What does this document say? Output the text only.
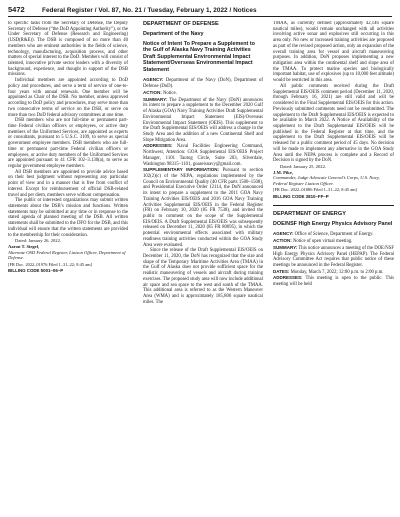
5472	Federal Register / Vol. 87, No. 21 / Tuesday, February 1, 2022 / Notices

to specific tasks from the Secretary of Defense, the Deputy Secretary of Defense (“the DoD Appointing Authority”), or the Under Secretary of Defense (Research and Engineering) (USD(R&E)). The DSB is composed of no more than 40 members who are eminent authorities in the fields of science, technology, manufacturing, acquisition process, and other matters of special interest to the DoD. Members will consist of talented, innovative private sector leaders with a diversity of background, experience, and thought in support of the DSB missions.

Individual members are appointed according to DoD policy and procedures, and serve a term of service of one-to-four years with annual renewals. One member will be appointed as Chair of the DSB. No member, unless approved according to DoD policy and procedures, may serve more than two consecutive terms of service on the DSB, or serve on more than two DoD federal advisory committees at one time.

DSB members who are not full-time or permanent part-time Federal civilian officers or employees, or active duty members of the Uniformed Services, are appointed as experts or consultants, pursuant to 5 U.S.C. 3109, to serve as special government employee members. DSB members who are full-time or permanent part-time Federal civilian officers or employees, or active duty members of the Uniformed Services are appointed pursuant to 41 CFR 102–3.130(a), to serve as regular government employee members.

All DSB members are appointed to provide advice based on their best judgment without representing any particular point of view and in a manner that is free from conflict of interest. Except for reimbursement of official DSB-related travel and per diem, members serve without compensation.

The public or interested organizations may submit written statements about the DSB’s mission and functions. Written statements may be submitted at any time or in response to the stated agenda of planned meeting of the DSB. All written statements shall be submitted to the DFO for the DSB, and this individual will ensure that the written statements are provided to the membership for their consideration.

Dated: January 26, 2022.

Aaron T. Siegel,

Alternate OSD Federal Register, Liaison Officer, Department of Defense.

[FR Doc. 2022–01976 Filed 1–31–22; 8:45 am]

BILLING CODE 5001–06–P

DEPARTMENT OF DEFENSE
Department of the Navy
Notice of Intent To Prepare a Supplement to the Gulf of Alaska Navy Training Activities Draft Supplemental Environmental Impact Statement/Overseas Environmental Impact Statement

AGENCY: Department of the Navy (DoN), Department of Defense (DoD).

ACTION: Notice.

SUMMARY: The Department of the Navy (DoN) announces its intent to prepare a supplement to the December 2020 Gulf of Alaska (GOA) Navy Training Activities Draft Supplemental Environmental Impact Statement (EIS)/Overseas Environmental Impact Statement (OEIS). This supplement to the Draft Supplemental EIS/OEIS will address a change in the Study Area and the addition of a new Continental Shelf and Slope Mitigation Area.

ADDRESSES: Naval Facilities Engineering Command, Northwest, Attention: GOA Supplemental EIS/OEIS Project Manager, 1101 Tautog Circle, Suite 203, Silverdale, Washington 98315–1101, goaseisnavy@gmail.com.

SUPPLEMENTARY INFORMATION: Pursuant to section 102(2)(c) of the NEPA, regulations implemented by the Council on Environmental Quality (40 CFR parts 1500–1508), and Presidential Executive Order 12114, the DoN announced its intent to prepare a supplement to the 2011 GOA Navy Training Activities EIS/OEIS and 2016 GOA Navy Training Activities Supplemental EIS/OEIS in the Federal Register (FR) on February 10, 2020 (85 FR 7538), and invited the public to comment on the scope of the Supplemental EIS/OEIS. A Draft Supplemental EIS/OEIS was subsequently released on December 11, 2020 (85 FR 80095), in which the potential environmental effects associated with military readiness training activities conducted within the GOA Study Area were evaluated.

Since the release of the Draft Supplemental EIS/OEIS on December 11, 2020, the DoN has recognized that the size and shape of the Temporary Maritime Activities Area (TMAA) in the Gulf of Alaska does not provide sufficient space for the realistic maneuvering of vessels and aircraft during training exercises. The proposed study area will now include additional air space and sea space to the west and south of the TMAA. This additional area is referred to as the Western Maneuver Area (WMA) and is approximately 185,806 square nautical miles. The

TMAA, as currently defined (approximately 42,146 square nautical miles), would remain unchanged with all activities involving active sonar and explosives still occurring in this area only. No new or increased training activities are proposed as part of the revised proposed action, only an expansion of the overall training area for vessel and aircraft maneuvering purposes. In addition, DoN proposes implementing a new mitigation area within the continental shelf and slope area of the TMAA. To protect marine species and biologically important habitat, use of explosives (up to 10,000 feet altitude) would be restricted in this area.

All public comments received during the Draft Supplemental EIS/OEIS comment period (December 11, 2020, through February 16, 2021) are still valid and will be considered in the Final Supplemental EIS/OEIS for this action. Previously submitted comments need not be resubmitted. The supplement to the Draft Supplemental EIS/OEIS is expected to be available in March 2022. A Notice of Availability of the supplement to the Draft Supplemental EIS/OEIS will be published in the Federal Register at that time, and the supplement to the Draft Supplemental EIS/OEIS will be released for a public comment period of 45 days. No decision will be made to implement any alternative in the GOA Study Area until the NEPA process is complete and a Record of Decision is signed by the DoN.

Dated: January 25, 2022.

J.M. Pike,

Commander, Judge Advocate General’s Corps, U.S. Navy, Federal Register Liaison Officer.

[FR Doc. 2022–01886 Filed 1–31–22; 8:45 am]

BILLING CODE 3810–FF–P

DEPARTMENT OF ENERGY
DOE/NSF High Energy Physics Advisory Panel

AGENCY: Office of Science, Department of Energy.

ACTION: Notice of open virtual meeting.

SUMMARY: This notice announces a meeting of the DOE/NSF High Energy Physics Advisory Panel (HEPAP). The Federal Advisory Committee Act requires that public notice of these meetings be announced in the Federal Register.

DATES: Monday, March 7, 2022; 12:00 p.m. to 2:00 p.m.

ADDRESSES: This meeting is open to the public. This meeting will be held
